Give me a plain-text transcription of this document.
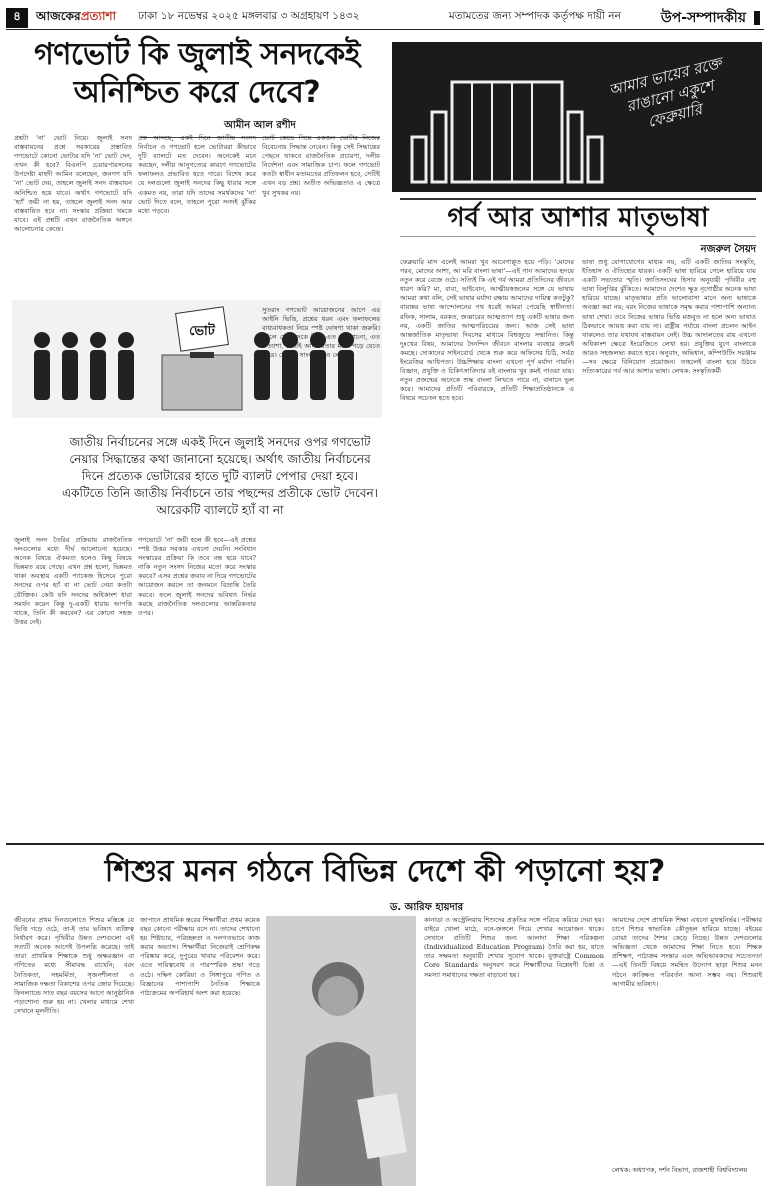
৪	আজকেরপ্রত্যাশা ঢাকা ১৮ নভেম্বর ২০২৫ মঙ্গলবার ৩ অগ্রহায়ণ ১৪৩২	মতামতের জন্য সম্পাদক কর্তৃপক্ষ দায়ী নন	উপ-সম্পাদকীয়
গণভোট কি জুলাই সনদকেই অনিশ্চিত করে দেবে?
আমীন আল রশীদ
প্রশ্নটা 'না' ভোট নিয়ে। জুলাই সনদ বাস্তবায়নের প্রশ্নে সরকারের প্রস্তাবিত গণভোটে কোনো ভোটার যদি 'না' ভোট দেন, তখন কী হবে? বিএনপি চেয়ারপারসনের উপদেষ্টা মাহদী আমিন বলেছেন, জনগণ যদি 'না' ভোট দেয়, তাহলে জুলাই সনদ বাস্তবায়ন অনিশ্চিত হয়ে যাবে। অর্থাৎ গণভোটে যদি 'হ্যাঁ' জয়ী না হয়, তাহলে জুলাই সনদ আর বাস্তবায়িত হবে না। সংস্কার প্রক্রিয়া থমকে যাবে। এই প্রশ্নটি এখন রাজনৈতিক অঙ্গনে আলোচনার কেন্দ্রে।
প্রশ্ন আসছে, একই দিনে জাতীয় সংসদ নির্বাচন ও গণভোট হলে ভোটাররা কীভাবে দুটি ব্যালটে মত দেবেন। অনেকেই মনে করছেন, দলীয় আনুগত্যের কারণে গণভোটের ফলাফলও প্রভাবিত হতে পারে। বিশেষ করে যে দলগুলো জুলাই সনদের কিছু ধারার সঙ্গে একমত নয়, তারা যদি তাদের সমর্থকদের 'না' ভোট দিতে বলে, তাহলে পুরো সনদই ঝুঁকির মধ্যে পড়বে।
ভোট কেন্দ্রে গিয়ে একজন ভোটার নিজের বিবেচনায় সিদ্ধান্ত নেবেন। কিন্তু সেই সিদ্ধান্তের পেছনে থাকবে রাজনৈতিক প্রচারণা, দলীয় নির্দেশনা এবং সামাজিক চাপ। ফলে গণভোট কতটা স্বাধীন মতামতের প্রতিফলন হবে, সেটিই এখন বড় প্রশ্ন। অতীত অভিজ্ঞতাও এ ক্ষেত্রে খুব সুখকর নয়।
ভোট
জাতীয় নির্বাচনের সঙ্গে একই দিনে জুলাই সনদের ওপর গণভোট নেয়ার সিদ্ধান্তের কথা জানানো হয়েছে। অর্থাৎ জাতীয় নির্বাচনের দিনে প্রত্যেক ভোটারের হাতে দুটি ব্যালট পেপার দেয়া হবে। একটিতে তিনি জাতীয় নির্বাচনে তার পছন্দের প্রতীকে ভোট দেবেন। আরেকটি ব্যালটে হ্যাঁ বা না
জুলাই সনদ তৈরির প্রক্রিয়ায় রাজনৈতিক দলগুলোর মধ্যে দীর্ঘ আলোচনা হয়েছে। অনেক বিষয়ে ঐকমত্য হলেও কিছু বিষয়ে ভিন্নমত রয়ে গেছে। এখন প্রশ্ন হলো, ভিন্নমত থাকা অবস্থায় একটি প্যাকেজ হিসেবে পুরো সনদের ওপর হ্যাঁ বা না ভোট নেয়া কতটা যৌক্তিক। কেউ যদি সনদের অধিকাংশ ধারা সমর্থন করেন কিন্তু দু-একটি ধারায় আপত্তি থাকে, তিনি কী করবেন? এর কোনো সহজ উত্তর নেই।
গণভোটে 'না' জয়ী হলে কী হবে—এই প্রশ্নের স্পষ্ট উত্তর সরকার এখনো দেয়নি। সংবিধান সংস্কারের প্রক্রিয়া কি তবে বন্ধ হয়ে যাবে? নাকি নতুন সংসদ নিজের মতো করে সংস্কার করবে? এসব প্রশ্নের জবাব না দিয়ে গণভোটের আয়োজন করলে তা জনমনে বিভ্রান্তি তৈরি করবে। ফলে জুলাই সনদের ভবিষ্যৎ নির্ভর করছে রাজনৈতিক দলগুলোর আন্তরিকতার ওপর।
সুতরাং গণভোট আয়োজনের আগে এর আইনি ভিত্তি, প্রশ্নের ধরন এবং ফলাফলের বাধ্যবাধকতা নিয়ে স্পষ্ট ঘোষণা থাকা জরুরি। নইলে যে সনদকে ঘিরে এত আলোচনা, এত প্রত্যাশা, সেটিই অনিশ্চয়তার মধ্যে পড়ে যেতে পারে। লেখক: সাংবাদিক ও লেখক।
আমার ভায়ের রক্তে রাঙানো একুশে ফেব্রুয়ারি
গর্ব আর আশার মাতৃভাষা
নজরুল সৈয়দ
ফেব্রুয়ারি মাস এলেই আমরা খুব আবেগাপ্লুত হয়ে পড়ি। 'মোদের গরব, মোদের আশা, আ মরি বাংলা ভাষা'—এই গান আমাদের হৃদয়ে নতুন করে বেজে ওঠে। সত্যিই কি এই গর্ব আমরা প্রতিদিনের জীবনে ধারণ করি? মা, বাবা, ভাইবোন, আত্মীয়স্বজনের সঙ্গে যে ভাষায় আমরা কথা বলি, সেই ভাষার মর্যাদা রক্ষায় আমাদের দায়িত্ব কতটুকু? বায়ান্নর ভাষা আন্দোলনের পথ ধরেই আমরা পেয়েছি স্বাধীনতা। রফিক, সালাম, বরকত, জব্বারের আত্মত্যাগ শুধু একটি ভাষার জন্য নয়, একটি জাতির আত্মপরিচয়ের জন্য। আজ সেই ভাষা আন্তর্জাতিক মাতৃভাষা দিবসের মাধ্যমে বিশ্বজুড়ে সম্মানিত। কিন্তু দুঃখের বিষয়, আমাদের দৈনন্দিন জীবনে বাংলার ব্যবহার ক্রমেই কমছে। দোকানের সাইনবোর্ড থেকে শুরু করে অফিসের চিঠি, সর্বত্র ইংরেজির আধিপত্য। উচ্চশিক্ষায় বাংলা এখনো পূর্ণ মর্যাদা পায়নি। বিজ্ঞান, প্রযুক্তি ও চিকিৎসাবিদ্যার বই বাংলায় খুব কমই পাওয়া যায়। নতুন প্রজন্মের অনেকে শুদ্ধ বাংলা লিখতে পারে না, বানানে ভুল করে। আমাদের প্রতিটি পরিবারকে, প্রতিটি শিক্ষাপ্রতিষ্ঠানকে এ বিষয়ে সচেতন হতে হবে।
ভাষা শুধু যোগাযোগের মাধ্যম নয়, এটি একটি জাতির সংস্কৃতি, ইতিহাস ও ঐতিহ্যের ধারক। একটি ভাষা হারিয়ে গেলে হারিয়ে যায় একটি সভ্যতার স্মৃতি। জাতিসংঘের হিসাব অনুযায়ী পৃথিবীর বহু ভাষা বিলুপ্তির ঝুঁকিতে। আমাদের দেশেও ক্ষুদ্র নৃগোষ্ঠীর অনেক ভাষা হারিয়ে যাচ্ছে। মাতৃভাষার প্রতি ভালোবাসা মানে অন্য ভাষাকে অবজ্ঞা করা নয়; বরং নিজের ভাষাকে সমৃদ্ধ করার পাশাপাশি অন্যান্য ভাষা শেখা। তবে নিজের ভাষার ভিত্তি মজবুত না হলে অন্য ভাষাও ঠিকভাবে আয়ত্ত করা যায় না। রাষ্ট্রীয় পর্যায়ে বাংলা প্রচলন আইন থাকলেও তার যথাযথ বাস্তবায়ন নেই। উচ্চ আদালতের রায় এখনো অধিকাংশ ক্ষেত্রে ইংরেজিতে লেখা হয়। প্রযুক্তির যুগে বাংলাকে আরও সহজলভ্য করতে হবে। অনুবাদ, অভিধান, কম্পিউটিং সরঞ্জাম—সব ক্ষেত্রে বিনিয়োগ প্রয়োজন। তাহলেই বাংলা হয়ে উঠবে সত্যিকারের গর্ব আর আশার ভাষা। লেখক: সংস্কৃতিকর্মী
শিশুর মনন গঠনে বিভিন্ন দেশে কী পড়ানো হয়?
ড. আরিফ হায়দার
জীবনের প্রথম দিনগুলোতে শিশুর মস্তিষ্কে যে ভিত্তি গড়ে ওঠে, তা-ই তার ভবিষ্যৎ ব্যক্তিত্ব নির্ধারণ করে। পৃথিবীর উন্নত দেশগুলো এই সত্যটি অনেক আগেই উপলব্ধি করেছে। তাই তারা প্রাথমিক শিক্ষাকে শুধু অক্ষরজ্ঞান বা গণিতের মধ্যে সীমাবদ্ধ রাখেনি; বরং নৈতিকতা, সহমর্মিতা, সৃজনশীলতা ও সামাজিক দক্ষতা বিকাশের ওপর জোর দিয়েছে। ফিনল্যান্ডে সাত বছর বয়সের আগে আনুষ্ঠানিক পড়াশোনা শুরু হয় না। খেলার মাধ্যমে শেখা সেখানে মূলনীতি।
জাপানে প্রাথমিক স্তরের শিক্ষার্থীরা প্রথম কয়েক বছর কোনো পরীক্ষায় বসে না। তাদের শেখানো হয় শিষ্টাচার, পরিচ্ছন্নতা ও দলগতভাবে কাজ করার অভ্যাস। শিক্ষার্থীরা নিজেরাই শ্রেণিকক্ষ পরিষ্কার করে, দুপুরের খাবার পরিবেশন করে। এতে দায়িত্ববোধ ও পারস্পরিক শ্রদ্ধা গড়ে ওঠে। দক্ষিণ কোরিয়া ও সিঙ্গাপুরে গণিত ও বিজ্ঞানের পাশাপাশি নৈতিক শিক্ষাকে পাঠ্যক্রমের অপরিহার্য অংশ করা হয়েছে।
কানাডা ও অস্ট্রেলিয়ায় শিশুদের প্রকৃতির সঙ্গে পরিচয় করিয়ে দেয়া হয়। বাইরে খোলা মাঠে, বনে-জঙ্গলে গিয়ে শেখার আয়োজন থাকে। সেখানে প্রতিটি শিশুর জন্য আলাদা শিক্ষা পরিকল্পনা (Individualized Education Program) তৈরি করা হয়, যাতে তার সক্ষমতা অনুযায়ী শেখার সুযোগ থাকে। যুক্তরাষ্ট্রে Common Core Standards অনুসরণ করে শিক্ষার্থীদের বিশ্লেষণী চিন্তা ও সমস্যা সমাধানের দক্ষতা বাড়ানো হয়।
আমাদের দেশে প্রাথমিক শিক্ষা এখনো মুখস্থনির্ভর। পরীক্ষার চাপে শিশুর স্বাভাবিক কৌতূহল হারিয়ে যাচ্ছে। বইয়ের বোঝা তাদের শৈশব কেড়ে নিচ্ছে। উন্নত দেশগুলোর অভিজ্ঞতা থেকে আমাদের শিক্ষা নিতে হবে। শিক্ষক প্রশিক্ষণ, পাঠ্যক্রম সংস্কার এবং অভিভাবকদের সচেতনতা—এই তিনটি বিষয়ে সমন্বিত উদ্যোগ ছাড়া শিশুর মনন গঠনে কাঙ্ক্ষিত পরিবর্তন আনা সম্ভব নয়। শিশুরাই আগামীর ভবিষ্যৎ।
লেখক: অধ্যাপক, দর্শন বিভাগ, রাজশাহী বিশ্ববিদ্যালয়
